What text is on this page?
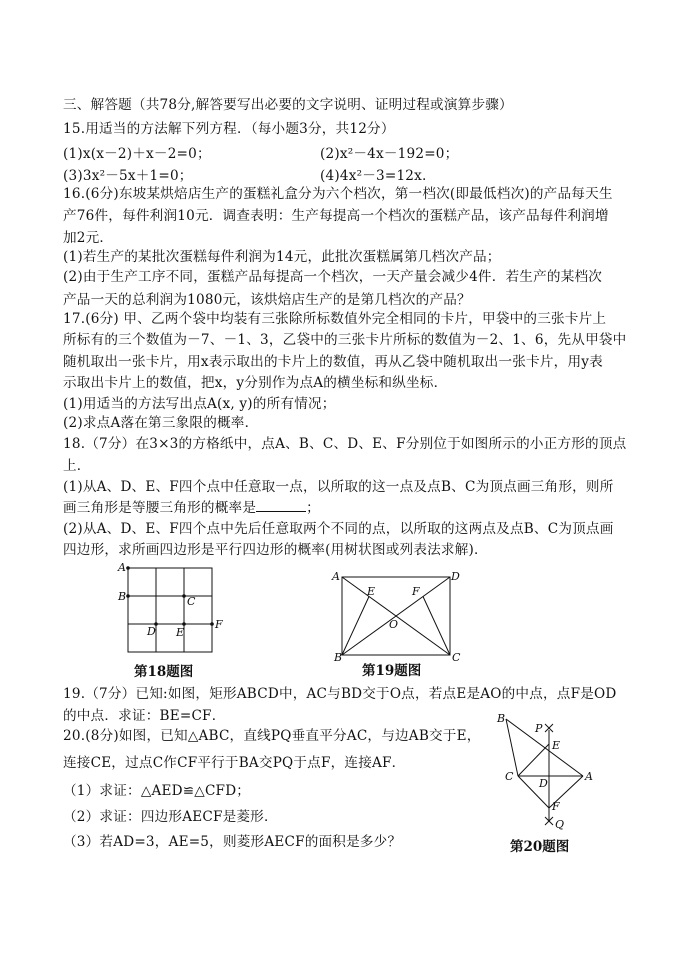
三、解答题（共78分,解答要写出必要的文字说明、证明过程或演算步骤）
15.用适当的方法解下列方程．（每小题3分，共12分）
(1)x(x－2)＋x－2=0；	(2)x²－4x－192=0；
(3)3x²－5x＋1=0；	(4)4x²－3=12x.
16.(6分)东坡某烘焙店生产的蛋糕礼盒分为六个档次，第一档次(即最低档次)的产品每天生
产76件，每件利润10元．调查表明：生产每提高一个档次的蛋糕产品，该产品每件利润增
加2元．
(1)若生产的某批次蛋糕每件利润为14元，此批次蛋糕属第几档次产品；
(2)由于生产工序不同，蛋糕产品每提高一个档次，一天产量会减少4件．若生产的某档次
产品一天的总利润为1080元，该烘焙店生产的是第几档次的产品？
17.(6分) 甲、乙两个袋中均装有三张除所标数值外完全相同的卡片，甲袋中的三张卡片上
所标有的三个数值为－7、－1、3，乙袋中的三张卡片所标的数值为－2、1、6，先从甲袋中
随机取出一张卡片，用x表示取出的卡片上的数值，再从乙袋中随机取出一张卡片，用y表
示取出卡片上的数值，把x，y分别作为点A的横坐标和纵坐标．
(1)用适当的方法写出点A(x, y)的所有情况；
(2)求点A落在第三象限的概率．
18.（7分）在3×3的方格纸中，点A、B、C、D、E、F分别位于如图所示的小正方形的顶点
上．
(1)从A、D、E、F四个点中任意取一点，以所取的这一点及点B、C为顶点画三角形，则所
画三角形是等腰三角形的概率是	；
(2)从A、D、E、F四个点中先后任意取两个不同的点，以所取的这两点及点B、C为顶点画
四边形，求所画四边形是平行四边形的概率(用树状图或列表法求解)．
A
B	C
D E
F
第18题图
A	D
B	C
E	F
O
第19题图
19.（7分）已知:如图，矩形ABCD中，AC与BD交于O点，若点E是AO的中点，点F是OD
的中点．求证：BE=CF．
20.(8分)如图，已知△ABC，直线PQ垂直平分AC，与边AB交于E，
连接CE，过点C作CF平行于BA交PQ于点F，连接AF．
（1）求证：△AED≌△CFD；
（2）求证：四边形AECF是菱形．
（3）若AD=3，AE=5，则菱形AECF的面积是多少？
B
P
E
C
D
A
F
Q
第20题图
